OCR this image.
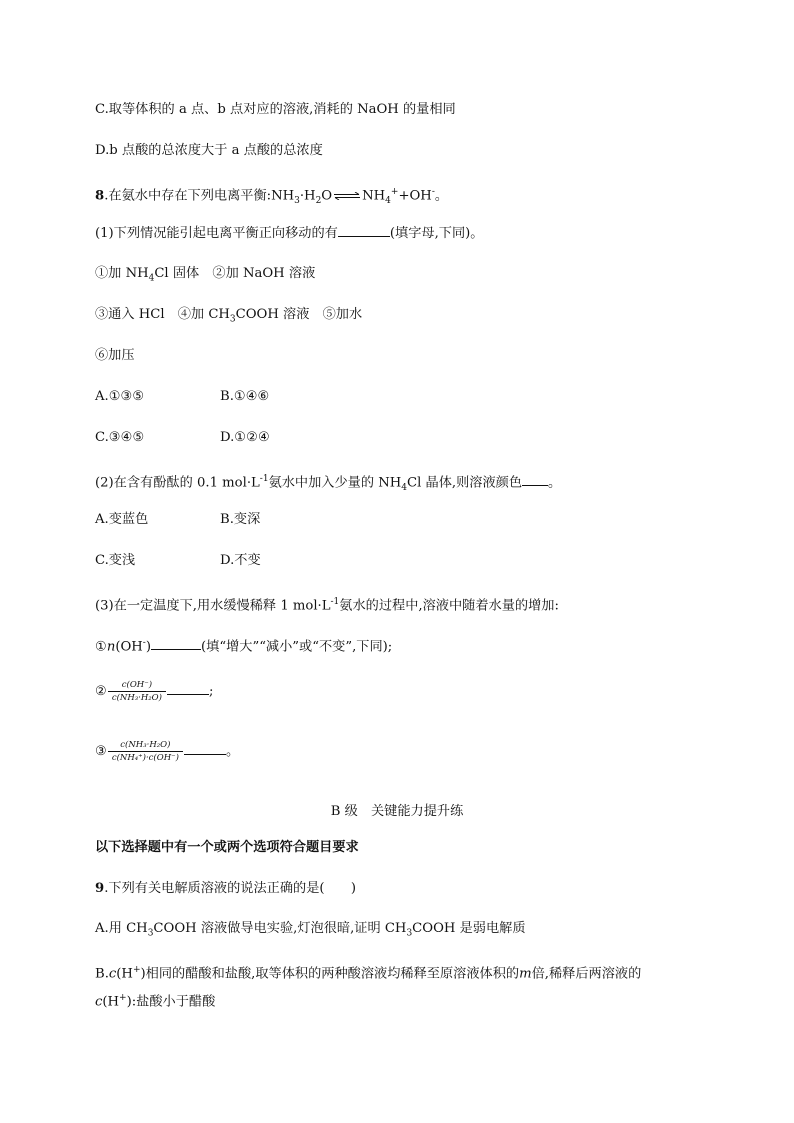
C.取等体积的 a 点、b 点对应的溶液,消耗的 NaOH 的量相同
D.b 点酸的总浓度大于 a 点酸的总浓度
8.在氨水中存在下列电离平衡$:NH_3\cdot H_2O\rightleftharpoons NH_4^++OH^-$。
(1)下列情况能引起电离平衡正向移动的有	(填字母,下同)。
①加 $NH_4Cl$ 固体　②加 NaOH 溶液
③通入 HCl　④加 $CH_3COOH$ 溶液　⑤加水
⑥加压
A.①③⑤	B.①④⑥
C.③④⑤	D.①②④
(2)在含有酚酞的 0.1 $mol\cdot L^{-1}$氨水中加入少量的 $NH_4Cl$ 晶体,则溶液颜色 。
A.变蓝色	B.变深
C.变浅	D.不变
(3)在一定温度下,用水缓慢稀释 1 $mol\cdot L^{-1}$氨水的过程中,溶液中随着水量的增加:
①n(OH-)	(填“增大”“减小”或“不变”,下同);
② $\frac{c(OH^-)}{\text{c(NH₃·H₂O)}}$	;
③ $\frac{\text{c(NH₃·H₂O)}}{\text{c(NH₄⁺)·c(OH⁻)}}$	。
B 级　关键能力提升练
以下选择题中有一个或两个选项符合题目要求
9.下列有关电解质溶液的说法正确的是(　　)
A.用 $CH_3COOH$ 溶液做导电实验,灯泡很暗,证明 $CH_3COOH$ 是弱电解质
B.c(H+)相同的醋酸和盐酸,取等体积的两种酸溶液均稀释至原溶液体积的m倍,稀释后两溶液的
c(H+):盐酸小于醋酸
